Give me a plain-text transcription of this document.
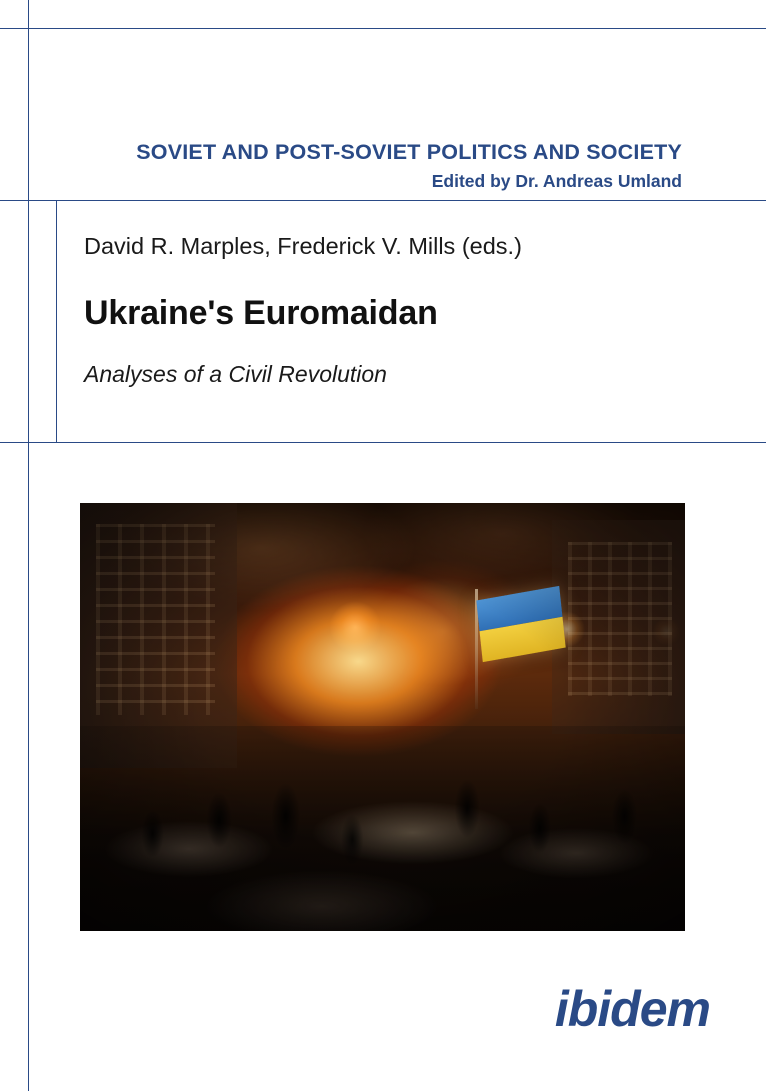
SOVIET AND POST-SOVIET POLITICS AND SOCIETY
Edited by Dr. Andreas Umland
David R. Marples, Frederick V. Mills (eds.)
Ukraine's Euromaidan
Analyses of a Civil Revolution
ibidem
